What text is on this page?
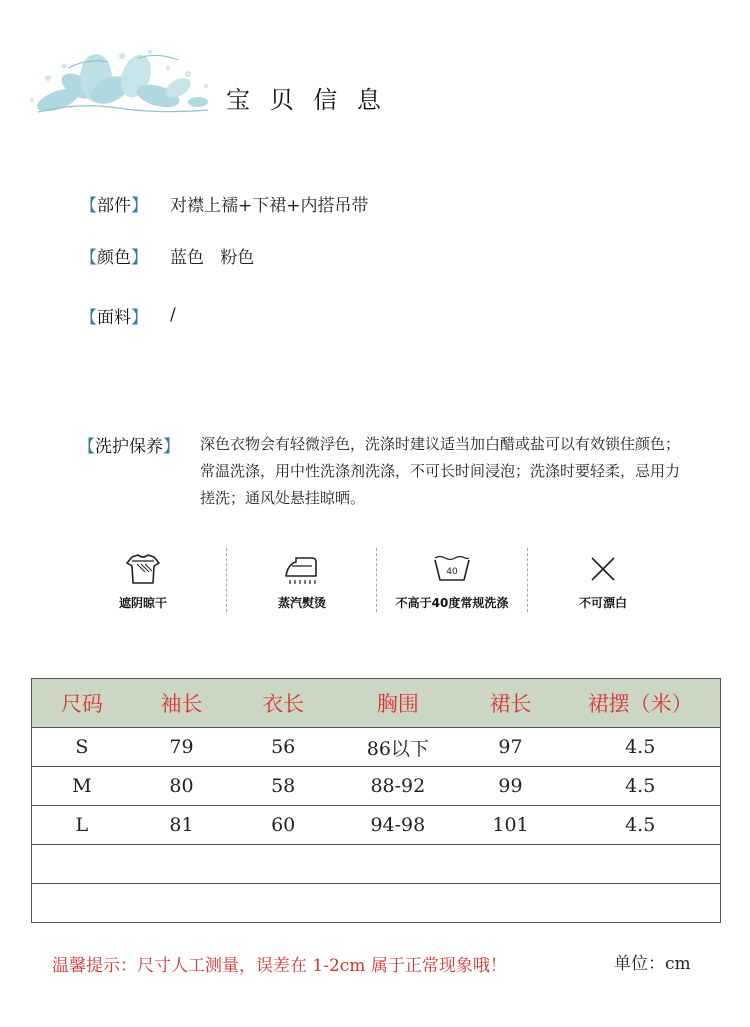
宝 贝 信 息
【 部件 】 对襟上襦+下裙+内搭吊带
【 颜色 】 蓝色   粉色
【 面料 】 /
【 洗护保养 】 深色衣物会有轻微浮色，洗涤时建议适当加白醋或盐可以有效锁住颜色；常温洗涤，用中性洗涤剂洗涤，不可长时间浸泡；洗涤时要轻柔，忌用力搓洗；通风处悬挂晾晒。
遮阴晾干	蒸汽熨烫
40
不高于40度常规洗涤	不可漂白
尺码	袖长	衣长	胸围	裙长	裙摆（米）
S	79	56	86以下	97	4.5
M	80	58	88-92	99	4.5
L	81	60	94-98	101	4.5

温馨提示：尺寸人工测量，误差在 1-2cm 属于正常现象哦！	单位：cm
